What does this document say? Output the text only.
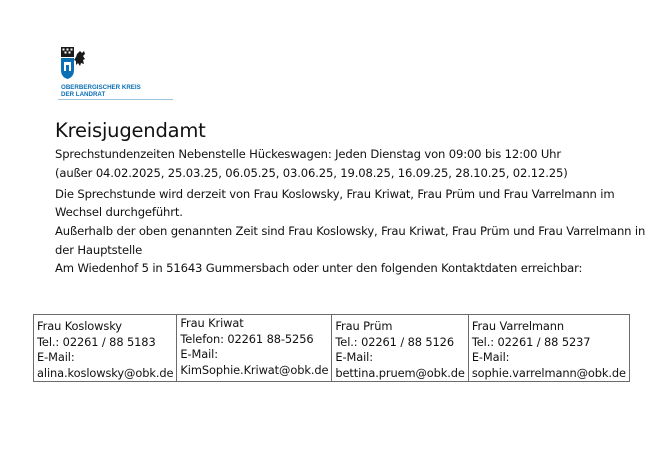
OBERBERGISCHER KREIS
DER LANDRAT
Kreisjugendamt
Sprechstundenzeiten Nebenstelle Hückeswagen: Jeden Dienstag von 09:00 bis 12:00 Uhr
(außer 04.02.2025, 25.03.25, 06.05.25, 03.06.25, 19.08.25, 16.09.25, 28.10.25, 02.12.25)
Die Sprechstunde wird derzeit von Frau Koslowsky, Frau Kriwat, Frau Prüm und Frau Varrelmann im
Wechsel durchgeführt.
Außerhalb der oben genannten Zeit sind Frau Koslowsky, Frau Kriwat, Frau Prüm und Frau Varrelmann in
der Hauptstelle
Am Wiedenhof 5 in 51643 Gummersbach oder unter den folgenden Kontaktdaten erreichbar:
Frau Koslowsky
Tel.: 02261 / 88 5183
E-Mail:
alina.koslowsky@obk.de

Frau Kriwat
Telefon: 02261 88-5256
E-Mail:
KimSophie.Kriwat@obk.de

Frau Prüm
Tel.: 02261 / 88 5126
E-Mail:
bettina.pruem@obk.de

Frau Varrelmann
Tel.: 02261 / 88 5237
E-Mail:
sophie.varrelmann@obk.de
